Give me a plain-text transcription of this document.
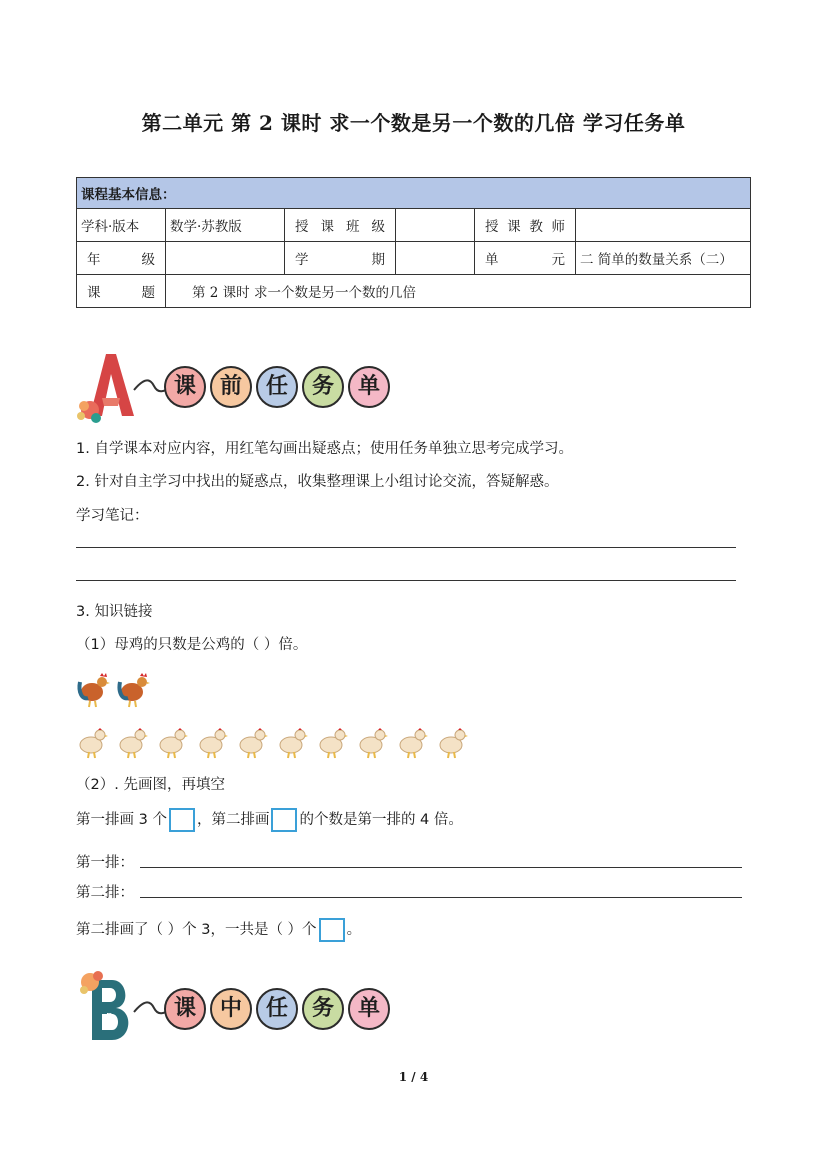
第二单元 第 2 课时 求一个数是另一个数的几倍 学习任务单
课程基本信息：					
学科·版本	数学·苏教版	授课班级		授课教师	
年 级		学 期		单 元	二 简单的数量关系（二）
课 题	第 2 课时 求一个数是另一个数的几倍				
A	课	前	任	务	单
1. 自学课本对应内容，用红笔勾画出疑惑点；使用任务单独立思考完成学习。
2. 针对自主学习中找出的疑惑点，收集整理课上小组讨论交流，答疑解惑。
学习笔记：
3. 知识链接
（1）母鸡的只数是公鸡的（ ）倍。
（2）. 先画图，再填空
第一排画 3 个 ，第二排画 的个数是第一排的 4 倍。
第一排：
第二排：
第二排画了（ ）个 3，一共是（ ）个 。
B	课	中	任	务	单
1 / 4
